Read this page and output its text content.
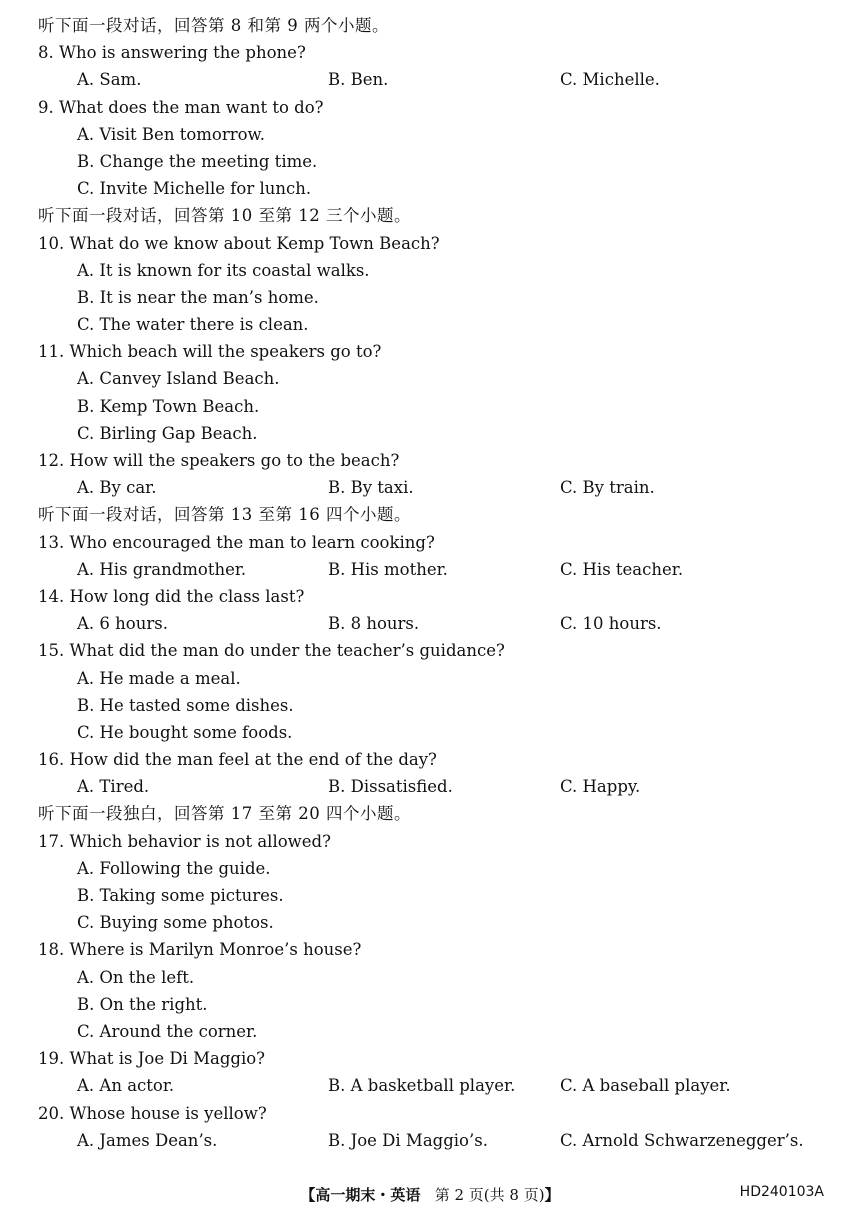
听下面一段对话，回答第 8 和第 9 两个小题。
8. Who is answering the phone?
A. Sam.	B. Ben.	C. Michelle.
9. What does the man want to do?
A. Visit Ben tomorrow.
B. Change the meeting time.
C. Invite Michelle for lunch.
听下面一段对话，回答第 10 至第 12 三个小题。
10. What do we know about Kemp Town Beach?
A. It is known for its coastal walks.
B. It is near the man’s home.
C. The water there is clean.
11. Which beach will the speakers go to?
A. Canvey Island Beach.
B. Kemp Town Beach.
C. Birling Gap Beach.
12. How will the speakers go to the beach?
A. By car.	B. By taxi.	C. By train.
听下面一段对话，回答第 13 至第 16 四个小题。
13. Who encouraged the man to learn cooking?
A. His grandmother.	B. His mother.	C. His teacher.
14. How long did the class last?
A. 6 hours.	B. 8 hours.	C. 10 hours.
15. What did the man do under the teacher’s guidance?
A. He made a meal.
B. He tasted some dishes.
C. He bought some foods.
16. How did the man feel at the end of the day?
A. Tired.	B. Dissatisfied.	C. Happy.
听下面一段独白，回答第 17 至第 20 四个小题。
17. Which behavior is not allowed?
A. Following the guide.
B. Taking some pictures.
C. Buying some photos.
18. Where is Marilyn Monroe’s house?
A. On the left.
B. On the right.
C. Around the corner.
19. What is Joe Di Maggio?
A. An actor.	B. A basketball player.	C. A baseball player.
20. Whose house is yellow?
A. James Dean’s.	B. Joe Di Maggio’s.	C. Arnold Schwarzenegger’s.
【高一期末・英语 第 2 页(共 8 页)】	HD240103A
